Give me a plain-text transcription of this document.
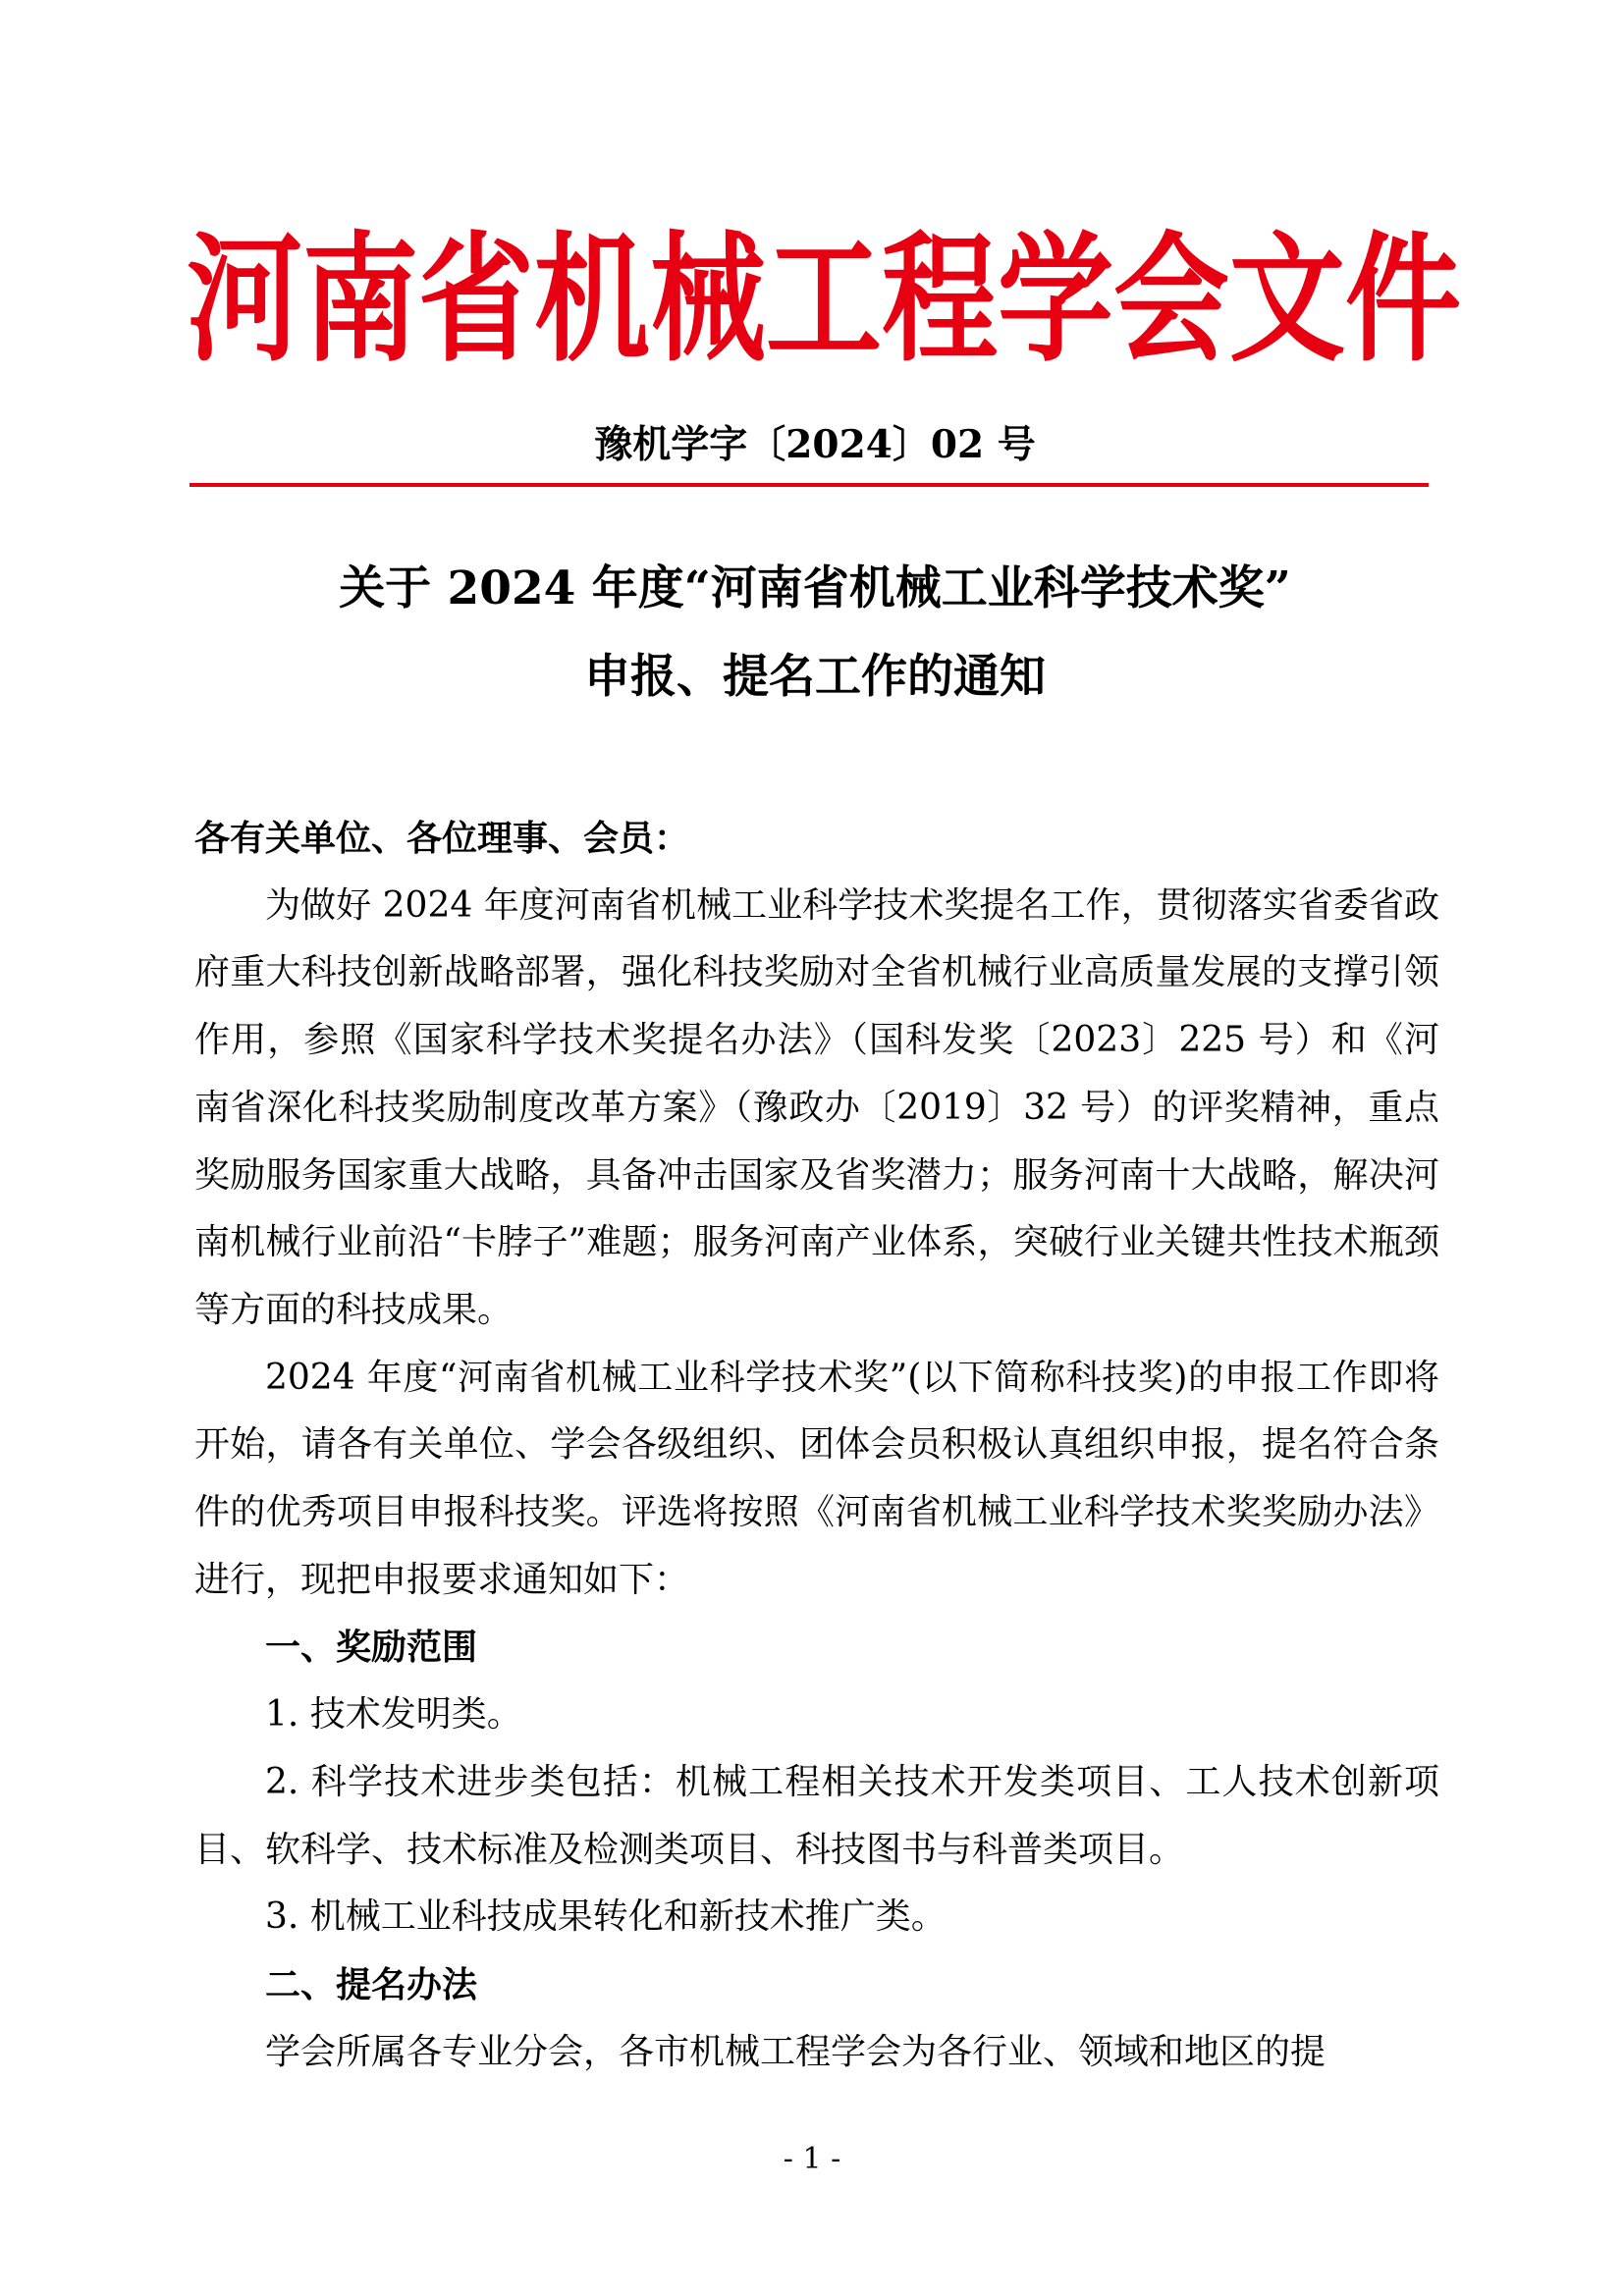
河南省机械工程学会文件
豫机学字〔2024〕02 号
关于 2024 年度“河南省机械工业科学技术奖”
申报、提名工作的通知

各有关单位、各位理事、会员：

为做好 2024 年度河南省机械工业科学技术奖提名工作，贯彻落实省委省政府重大科技创新战略部署，强化科技奖励对全省机械行业高质量发展的支撑引领作用，参照《国家科学技术奖提名办法》（国科发奖〔2023〕225 号）和《河南省深化科技奖励制度改革方案》（豫政办〔2019〕32 号）的评奖精神，重点奖励服务国家重大战略，具备冲击国家及省奖潜力；服务河南十大战略，解决河南机械行业前沿“卡脖子”难题；服务河南产业体系，突破行业关键共性技术瓶颈等方面的科技成果。

2024 年度“河南省机械工业科学技术奖”(以下简称科技奖)的申报工作即将开始，请各有关单位、学会各级组织、团体会员积极认真组织申报，提名符合条件的优秀项目申报科技奖。评选将按照《河南省机械工业科学技术奖奖励办法》进行，现把申报要求通知如下：

一、奖励范围

1. 技术发明类。

2. 科学技术进步类包括：机械工程相关技术开发类项目、工人技术创新项目、软科学、技术标准及检测类项目、科技图书与科普类项目。

3. 机械工业科技成果转化和新技术推广类。

二、提名办法

学会所属各专业分会，各市机械工程学会为各行业、领域和地区的提

- 1 -
